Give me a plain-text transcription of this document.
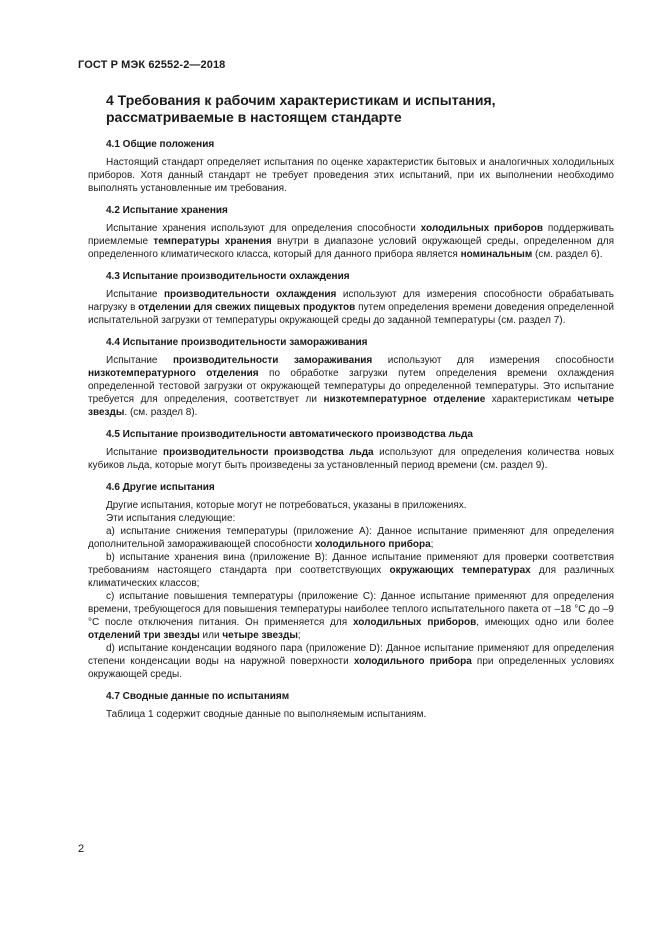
ГОСТ Р МЭК 62552-2—2018
4 Требования к рабочим характеристикам и испытания,
рассматриваемые в настоящем стандарте
4.1 Общие положения

Настоящий стандарт определяет испытания по оценке характеристик бытовых и аналогичных холодильных приборов. Хотя данный стандарт не требует проведения этих испытаний, при их выполнении необходимо выполнять установленные им требования.

4.2 Испытание хранения

Испытание хранения используют для определения способности холодильных приборов поддерживать приемлемые температуры хранения внутри в диапазоне условий окружающей среды, определенном для определенного климатического класса, который для данного прибора является номинальным (см. раздел 6).

4.3 Испытание производительности охлаждения

Испытание производительности охлаждения используют для измерения способности обрабатывать нагрузку в отделении для свежих пищевых продуктов путем определения времени доведения определенной испытательной загрузки от температуры окружающей среды до заданной температуры (см. раздел 7).

4.4 Испытание производительности замораживания

Испытание производительности замораживания используют для измерения способности низкотемпературного отделения по обработке загрузки путем определения времени охлаждения определенной тестовой загрузки от окружающей температуры до определенной температуры. Это испытание требуется для определения, соответствует ли низкотемпературное отделение характеристикам четыре звезды. (см. раздел 8).

4.5 Испытание производительности автоматического производства льда

Испытание производительности производства льда используют для определения количества новых кубиков льда, которые могут быть произведены за установленный период времени (см. раздел 9).

4.6 Другие испытания

Другие испытания, которые могут не потребоваться, указаны в приложениях.

Эти испытания следующие:

a) испытание снижения температуры (приложение А): Данное испытание применяют для определения дополнительной замораживающей способности холодильного прибора;

b) испытание хранения вина (приложение В): Данное испытание применяют для проверки соответствия требованиям настоящего стандарта при соответствующих окружающих температурах для различных климатических классов;

c) испытание повышения температуры (приложение С): Данное испытание применяют для определения времени, требующегося для повышения температуры наиболее теплого испытательного пакета от –18 °C до –9 °C после отключения питания. Он применяется для холодильных приборов, имеющих одно или более отделений три звезды или четыре звезды;

d) испытание конденсации водяного пара (приложение D): Данное испытание применяют для определения степени конденсации воды на наружной поверхности холодильного прибора при определенных условиях окружающей среды.

4.7 Сводные данные по испытаниям

Таблица 1 содержит сводные данные по выполняемым испытаниям.

2
